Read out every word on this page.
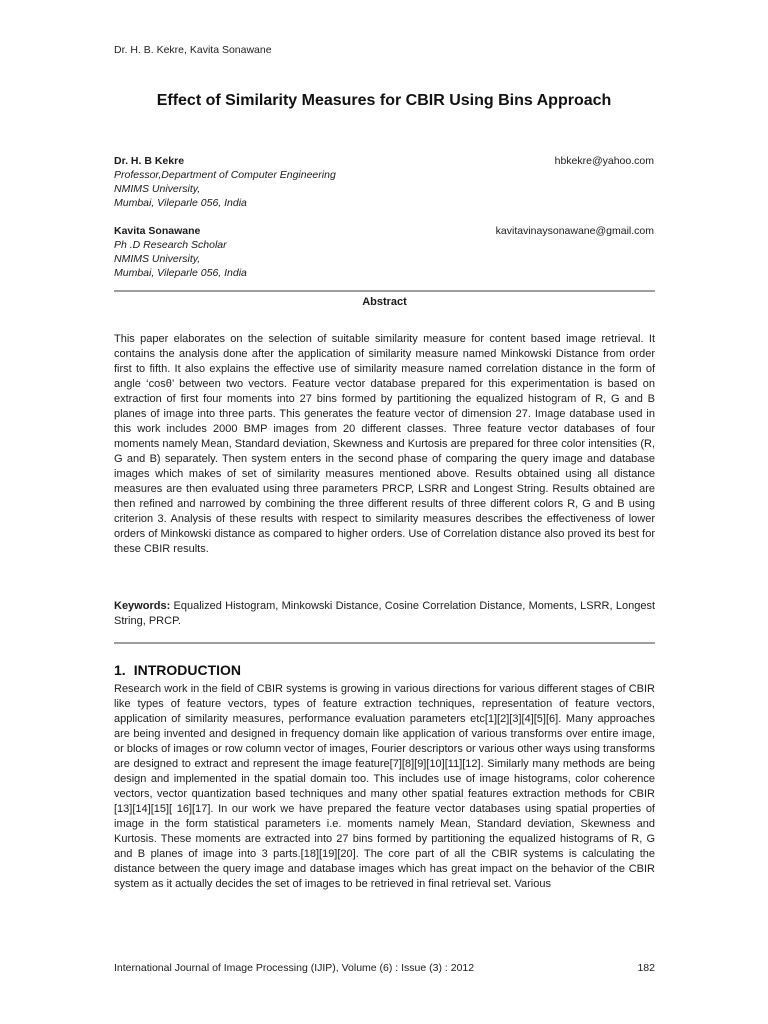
Dr. H. B. Kekre, Kavita Sonawane
Effect of Similarity Measures for CBIR Using Bins Approach
Dr. H. B Kekre	hbkekre@yahoo.com
Professor,Department of Computer Engineering
NMIMS University,
Mumbai, Vileparle 056, India
Kavita Sonawane	kavitavinaysonawane@gmail.com
Ph .D Research Scholar
NMIMS University,
Mumbai, Vileparle 056, India
Abstract
This paper elaborates on the selection of suitable similarity measure for content based image retrieval. It contains the analysis done after the application of similarity measure named Minkowski Distance from order first to fifth. It also explains the effective use of similarity measure named correlation distance in the form of angle ‘cosθ’ between two vectors. Feature vector database prepared for this experimentation is based on extraction of first four moments into 27 bins formed by partitioning the equalized histogram of R, G and B planes of image into three parts. This generates the feature vector of dimension 27. Image database used in this work includes 2000 BMP images from 20 different classes. Three feature vector databases of four moments namely Mean, Standard deviation, Skewness and Kurtosis are prepared for three color intensities (R, G and B) separately. Then system enters in the second phase of comparing the query image and database images which makes of set of similarity measures mentioned above. Results obtained using all distance measures are then evaluated using three parameters PRCP, LSRR and Longest String. Results obtained are then refined and narrowed by combining the three different results of three different colors R, G and B using criterion 3. Analysis of these results with respect to similarity measures describes the effectiveness of lower orders of Minkowski distance as compared to higher orders. Use of Correlation distance also proved its best for these CBIR results.
Keywords: Equalized Histogram, Minkowski Distance, Cosine Correlation Distance, Moments, LSRR, Longest String, PRCP.
1. INTRODUCTION
Research work in the field of CBIR systems is growing in various directions for various different stages of CBIR like types of feature vectors, types of feature extraction techniques, representation of feature vectors, application of similarity measures, performance evaluation parameters etc[1][2][3][4][5][6]. Many approaches are being invented and designed in frequency domain like application of various transforms over entire image, or blocks of images or row column vector of images, Fourier descriptors or various other ways using transforms are designed to extract and represent the image feature[7][8][9][10][11][12]. Similarly many methods are being design and implemented in the spatial domain too. This includes use of image histograms, color coherence vectors, vector quantization based techniques and many other spatial features extraction methods for CBIR [13][14][15][ 16][17]. In our work we have prepared the feature vector databases using spatial properties of image in the form statistical parameters i.e. moments namely Mean, Standard deviation, Skewness and Kurtosis. These moments are extracted into 27 bins formed by partitioning the equalized histograms of R, G and B planes of image into 3 parts.[18][19][20]. The core part of all the CBIR systems is calculating the distance between the query image and database images which has great impact on the behavior of the CBIR system as it actually decides the set of images to be retrieved in final retrieval set. Various
International Journal of Image Processing (IJIP), Volume (6) : Issue (3) : 2012	182
